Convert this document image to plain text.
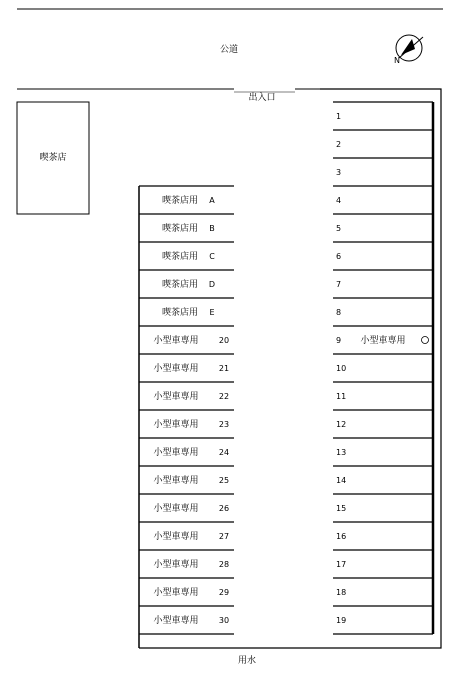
公道
N
出入口
喫茶店
喫茶店用 A
喫茶店用 B
喫茶店用 C
喫茶店用 D
喫茶店用 E
小型車専用	20
小型車専用	21
小型車専用	22
小型車専用	23
小型車専用	24
小型車専用	25
小型車専用	26
小型車専用	27
小型車専用	28
小型車専用	29
小型車専用	30
1
2
3
4
5
6
7
8
9 小型車専用
10
11
12
13
14
15
16
17
18
19
用水
